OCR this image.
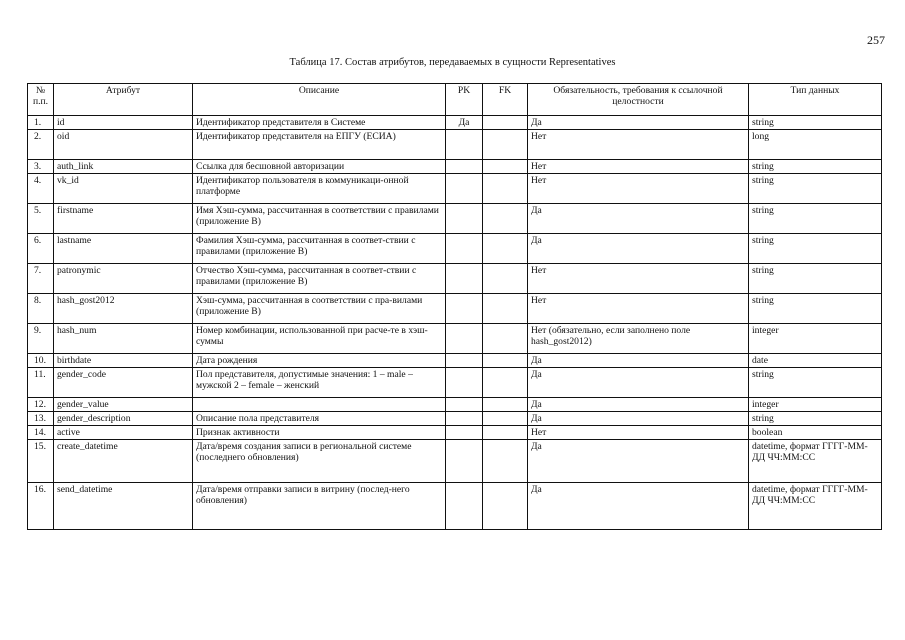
257
Таблица 17. Состав атрибутов, передаваемых в сущности Representatives
№ п.п.	Атрибут	Описание	PK	FK	Обязательность, требования к ссылочной целостности	Тип данных
1.	id	Идентификатор представителя в Системе	Да		Да	string
2.	oid	Идентификатор представителя на ЕПГУ (ЕСИА)			Нет	long
3.	auth_link	Ссылка для бесшовной авторизации			Нет	string
4.	vk_id	Идентификатор пользователя в коммуникаци-онной платформе			Нет	string
5.	firstname	Имя Хэш-сумма, рассчитанная в соответствии с правилами (приложение В)			Да	string
6.	lastname	Фамилия Хэш-сумма, рассчитанная в соответ-ствии с правилами (приложение В)			Да	string
7.	patronymic	Отчество Хэш-сумма, рассчитанная в соответ-ствии с правилами (приложение В)			Нет	string
8.	hash_gost2012	Хэш-сумма, рассчитанная в соответствии с пра-вилами (приложение В)			Нет	string
9.	hash_num	Номер комбинации, использованной при расче-те в хэш-суммы			Нет (обязательно, если заполнено поле hash_gost2012)	integer
10.	birthdate	Дата рождения			Да	date
11.	gender_code	Пол представителя, допустимые значения: 1 – male – мужской 2 – female – женский			Да	string
12.	gender_value				Да	integer
13.	gender_description	Описание пола представителя			Да	string
14.	active	Признак активности			Нет	boolean
15.	create_datetime	Дата/время создания записи в региональной системе (последнего обновления)			Да	datetime, формат ГГГГ-ММ-ДД ЧЧ:ММ:СС
16.	send_datetime	Дата/время отправки записи в витрину (послед-него обновления)			Да	datetime, формат ГГГГ-ММ-ДД ЧЧ:ММ:СС
